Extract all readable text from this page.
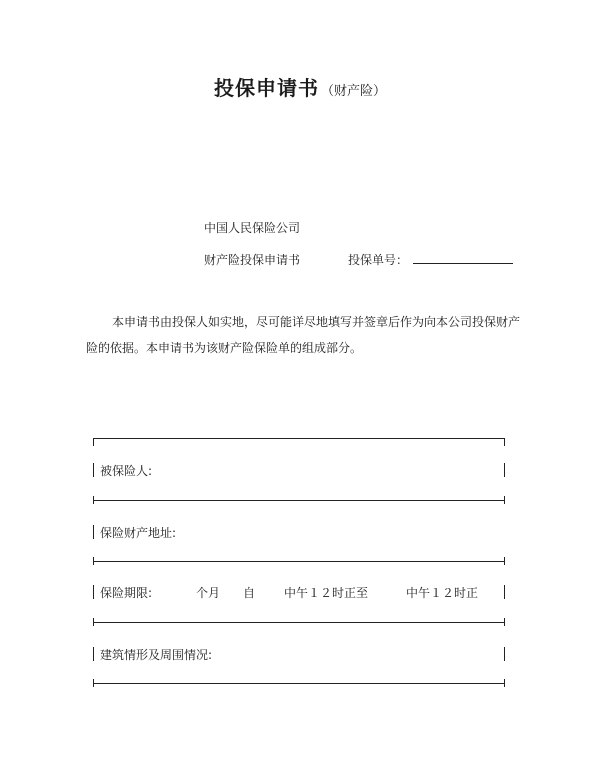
投保申请书 （财产险）
中国人民保险公司
财产险投保申请书	投保单号：
本申请书由投保人如实地，尽可能详尽地填写并签章后作为向本公司投保财产险的依据。本申请书为该财产险保险单的组成部分。
被保险人:
保险财产地址:
保险期限:	个月 自 中午１２时正至	中午１２时正
建筑情形及周围情况:
